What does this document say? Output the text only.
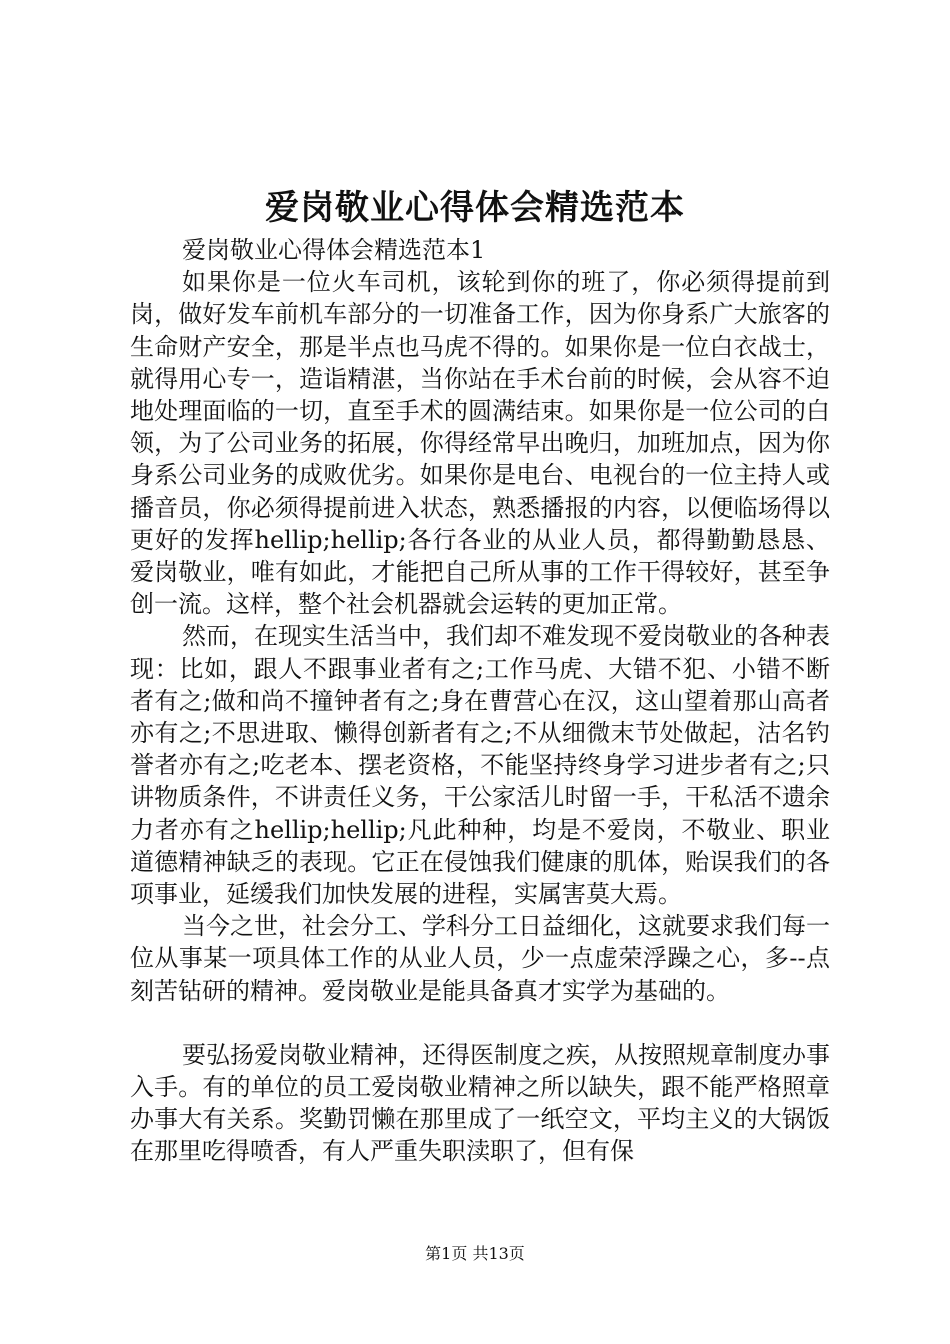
爱岗敬业心得体会精选范本

爱岗敬业心得体会精选范本1

如果你是一位火车司机，该轮到你的班了，你必须得提前到岗，做好发车前机车部分的一切准备工作，因为你身系广大旅客的生命财产安全，那是半点也马虎不得的。如果你是一位白衣战士，就得用心专一，造诣精湛，当你站在手术台前的时候，会从容不迫地处理面临的一切，直至手术的圆满结束。如果你是一位公司的白领，为了公司业务的拓展，你得经常早出晚归，加班加点，因为你身系公司业务的成败优劣。如果你是电台、电视台的一位主持人或播音员，你必须得提前进入状态，熟悉播报的内容，以便临场得以更好的发挥hellip;hellip;各行各业的从业人员，都得勤勤恳恳、爱岗敬业，唯有如此，才能把自己所从事的工作干得较好，甚至争创一流。这样，整个社会机器就会运转的更加正常。

然而，在现实生活当中，我们却不难发现不爱岗敬业的各种表现：比如，跟人不跟事业者有之;工作马虎、大错不犯、小错不断者有之;做和尚不撞钟者有之;身在曹营心在汉，这山望着那山高者亦有之;不思进取、懒得创新者有之;不从细微末节处做起，沽名钓誉者亦有之;吃老本、摆老资格，不能坚持终身学习进步者有之;只讲物质条件，不讲责任义务，干公家活儿时留一手，干私活不遗余力者亦有之hellip;hellip;凡此种种，均是不爱岗，不敬业、职业道德精神缺乏的表现。它正在侵蚀我们健康的肌体，贻误我们的各项事业，延缓我们加快发展的进程，实属害莫大焉。

当今之世，社会分工、学科分工日益细化，这就要求我们每一位从事某一项具体工作的从业人员，少一点虚荣浮躁之心，多--点刻苦钻研的精神。爱岗敬业是能具备真才实学为基础的。

要弘扬爱岗敬业精神，还得医制度之疾，从按照规章制度办事入手。有的单位的员工爱岗敬业精神之所以缺失，跟不能严格照章办事大有关系。奖勤罚懒在那里成了一纸空文，平均主义的大锅饭在那里吃得喷香，有人严重失职渎职了，但有保

第1页 共13页
